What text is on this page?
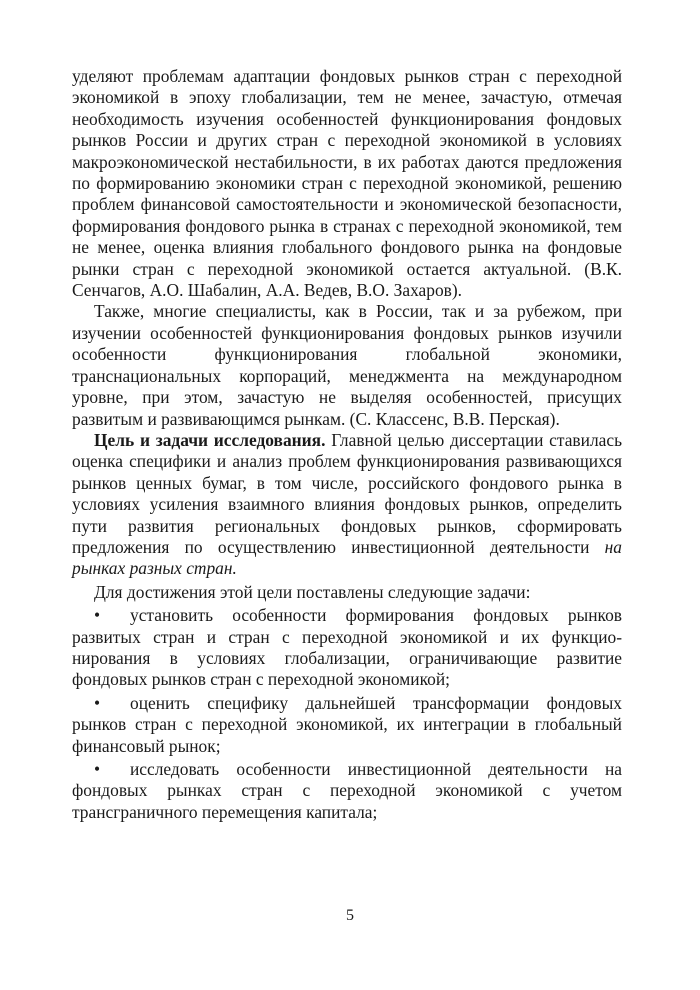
уделяют проблемам адаптации фондовых рынков стран с переходной экономикой в эпоху глобализации, тем не менее, зачастую, отмечая необходимость изучения особенностей функционирования фондовых рынков России и других стран с переходной экономикой в условиях макроэкономической нестабильности, в их работах даются предложения по формированию экономики стран с переходной экономикой, решению проблем финансовой самостоятельности и экономической безопасности, формирования фондового рынка в странах с переходной экономикой, тем не менее, оценка влияния глобального фондового рынка на фондовые рынки стран с переходной экономикой остается актуальной. (В.К. Сенчагов, А.О. Шабалин, А.А. Ведев, В.О. Захаров).

Также, многие специалисты, как в России, так и за рубежом, при изучении особенностей функционирования фондовых рынков изучили особенности функционирования глобальной экономики, транснациональных корпораций, менеджмента на международном уровне, при этом, зачастую не выделяя особенностей, присущих развитым и развивающимся рынкам. (С. Классенс, В.В. Перская).

Цель и задачи исследования. Главной целью диссертации ставилась оценка специфики и анализ проблем функционирования развивающихся рынков ценных бумаг, в том числе, российского фондового рынка в условиях усиления взаимного влияния фондовых рынков, определить пути развития региональных фондовых рынков, сформировать предложения по осуществлению инвестиционной деятельности на рынках разных стран.

Для достижения этой цели поставлены следующие задачи:

• установить особенности формирования фондовых рынков развитых стран и стран с переходной экономикой и их функционирования в условиях глобализации, ограничивающие развитие фондовых рынков стран с переходной экономикой;

• оценить специфику дальнейшей трансформации фондовых рынков стран с переходной экономикой, их интеграции в глобальный финансовый рынок;

• исследовать особенности инвестиционной деятельности на фондовых рынках стран с переходной экономикой с учетом трансграничного перемещения капитала;

5
